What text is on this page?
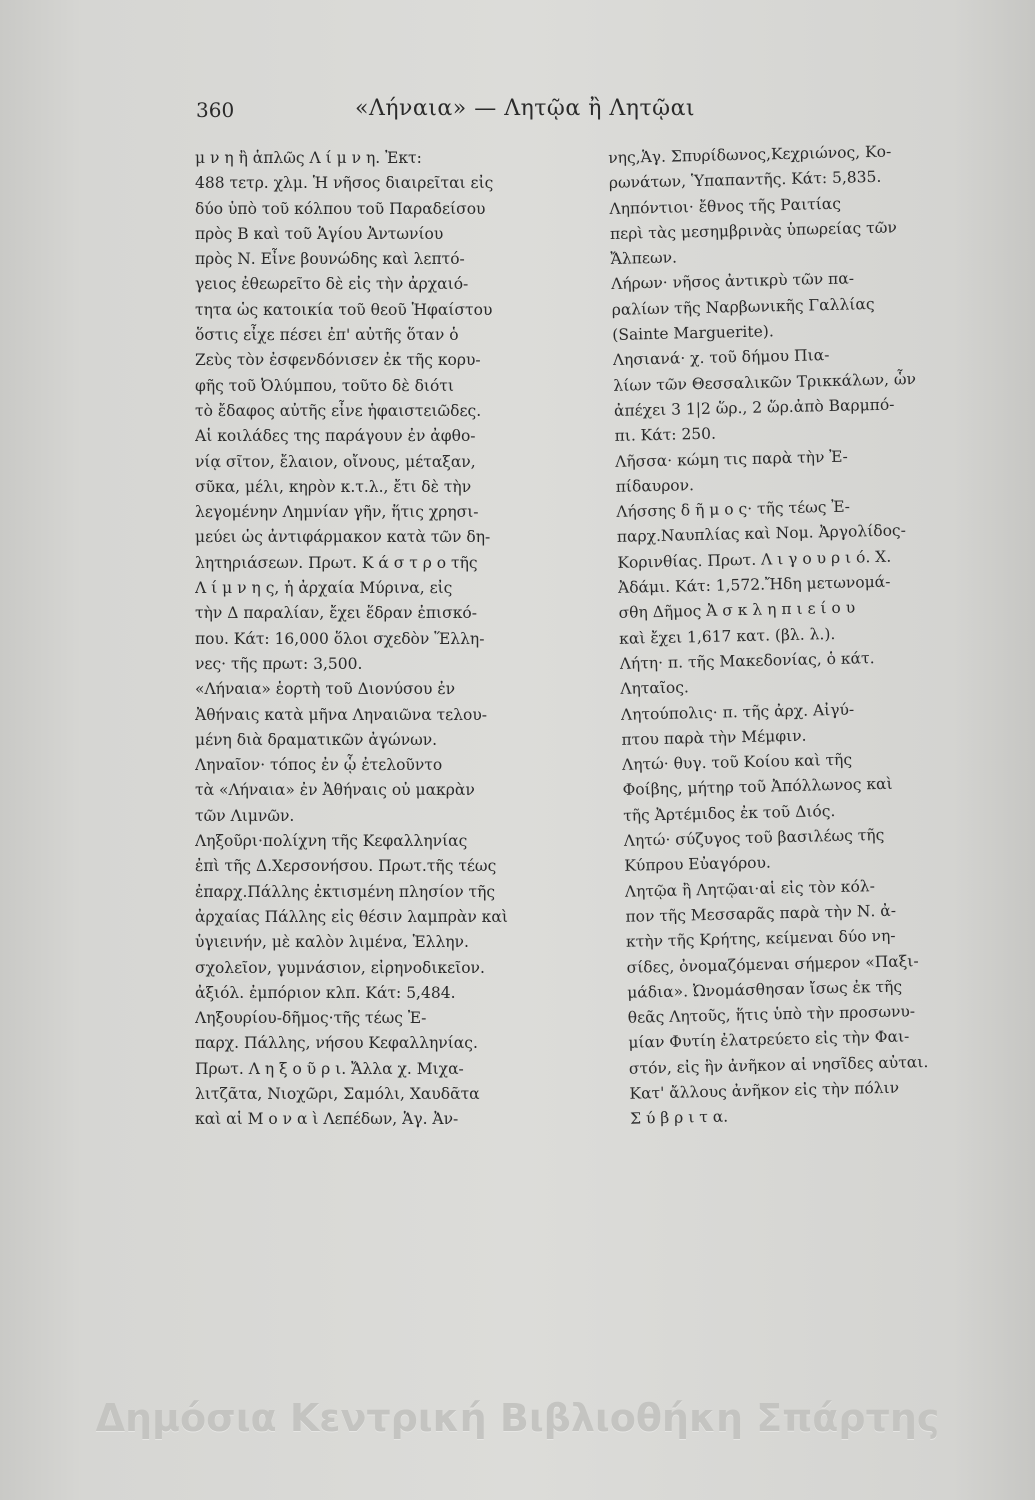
360	«Λήναια» — Λητῷα ἢ Λητῷαι
μ ν η ἢ ἁπλῶς Λ ί μ ν η. Ἐκτ:
488 τετρ. χλμ. Ἡ νῆσος διαιρεῖται εἰς
δύο ὑπὸ τοῦ κόλπου τοῦ Παραδείσου
πρὸς Β καὶ τοῦ Ἁγίου Ἀντωνίου
πρὸς Ν. Εἶνε βουνώδης καὶ λεπτό-
γειος ἐθεωρεῖτο δὲ εἰς τὴν ἀρχαιό-
τητα ὡς κατοικία τοῦ θεοῦ Ἡφαίστου
ὅστις εἶχε πέσει ἐπ' αὐτῆς ὅταν ὁ
Ζεὺς τὸν ἐσφενδόνισεν ἐκ τῆς κορυ-
φῆς τοῦ Ὀλύμπου, τοῦτο δὲ διότι
τὸ ἔδαφος αὐτῆς εἶνε ἡφαιστειῶδες.
Αἱ κοιλάδες της παράγουν ἐν ἀφθο-
νίᾳ σῖτον, ἔλαιον, οἴνους, μέταξαν,
σῦκα, μέλι, κηρὸν κ.τ.λ., ἔτι δὲ τὴν
λεγομένην Λημνίαν γῆν, ἥτις χρησι-
μεύει ὡς ἀντιφάρμακον κατὰ τῶν δη-
λητηριάσεων. Πρωτ. Κ ά σ τ ρ ο τῆς
Λ ί μ ν η ς, ἡ ἀρχαία Μύρινα, εἰς
τὴν Δ παραλίαν, ἔχει ἕδραν ἐπισκό-
που. Κάτ: 16,000 ὅλοι σχεδὸν Ἕλλη-
νες· τῆς πρωτ: 3,500.
«Λήναια» ἑορτὴ τοῦ Διονύσου ἐν
Ἀθήναις κατὰ μῆνα Ληναιῶνα τελου-
μένη διὰ δραματικῶν ἀγώνων.
Ληναῖον· τόπος ἐν ᾧ ἐτελοῦντο
τὰ «Λήναια» ἐν Ἀθήναις οὐ μακρὰν
τῶν Λιμνῶν.
Ληξοῦρι·πολίχνη τῆς Κεφαλληνίας
ἐπὶ τῆς Δ.Χερσονήσου. Πρωτ.τῆς τέως
ἐπαρχ.Πάλλης ἐκτισμένη πλησίον τῆς
ἀρχαίας Πάλλης εἰς θέσιν λαμπρὰν καὶ
ὑγιεινήν, μὲ καλὸν λιμένα, Ἑλλην.
σχολεῖον, γυμνάσιον, εἰρηνοδικεῖον.
ἀξιόλ. ἐμπόριον κλπ. Κάτ: 5,484.
Ληξουρίου-δῆμος·τῆς τέως Ἐ-
παρχ. Πάλλης, νήσου Κεφαλληνίας.
Πρωτ. Λ η ξ ο ῦ ρ ι. Ἄλλα χ. Μιχα-
λιτζᾶτα, Νιοχῶρι, Σαμόλι, Χαυδᾶτα
καὶ αἱ Μ ο ν α ὶ Λεπέδων, Ἁγ. Ἀν-
νης,Ἁγ. Σπυρίδωνος,Κεχριώνος, Κο-
ρωνάτων, Ὑπαπαντῆς. Κάτ: 5,835.
Ληπόντιοι· ἔθνος τῆς Ραιτίας
περὶ τὰς μεσημβρινὰς ὑπωρείας τῶν
Ἄλπεων.
Λήρων· νῆσος ἀντικρὺ τῶν πα-
ραλίων τῆς Ναρβωνικῆς Γαλλίας
(Sainte Marguerite).
Λησιανά· χ. τοῦ δήμου Πια-
λίων τῶν Θεσσαλικῶν Τρικκάλων, ὧν
ἀπέχει 3 1|2 ὥρ., 2 ὥρ.ἀπὸ Βαρμπό-
πι. Κάτ: 250.
Λῆσσα· κώμη τις παρὰ τὴν Ἐ-
πίδαυρον.
Λήσσης δ ῆ μ ο ς· τῆς τέως Ἐ-
παρχ.Ναυπλίας καὶ Νομ. Ἀργολίδος-
Κορινθίας. Πρωτ. Λ ι γ ο υ ρ ι ό. Χ.
Ἀδάμι. Κάτ: 1,572.Ἤδη μετωνομά-
σθη Δῆμος Ἀ σ κ λ η π ι ε ί ο υ
καὶ ἔχει 1,617 κατ. (βλ. λ.).
Λήτη· π. τῆς Μακεδονίας, ὁ κάτ.
Ληταῖος.
Λητούπολις· π. τῆς ἀρχ. Αἰγύ-
πτου παρὰ τὴν Μέμφιν.
Λητώ· θυγ. τοῦ Κοίου καὶ τῆς
Φοίβης, μήτηρ τοῦ Ἀπόλλωνος καὶ
τῆς Ἀρτέμιδος ἐκ τοῦ Διός.
Λητώ· σύζυγος τοῦ βασιλέως τῆς
Κύπρου Εὐαγόρου.
Λητῷα ἢ Λητῷαι·αἱ εἰς τὸν κόλ-
πον τῆς Μεσσαρᾶς παρὰ τὴν Ν. ἀ-
κτὴν τῆς Κρήτης, κείμεναι δύο νη-
σίδες, ὀνομαζόμεναι σήμερον «Παξι-
μάδια». Ὠνομάσθησαν ἴσως ἐκ τῆς
θεᾶς Λητοῦς, ἥτις ὑπὸ τὴν προσωνυ-
μίαν Φυτίη ἐλατρεύετο εἰς τὴν Φαι-
στόν, εἰς ἣν ἀνῆκον αἱ νησῖδες αὐται.
Κατ' ἄλλους ἀνῆκον εἰς τὴν πόλιν
Σ ύ β ρ ι τ α.
Δημόσια Κεντρική Βιβλιοθήκη Σπάρτης
